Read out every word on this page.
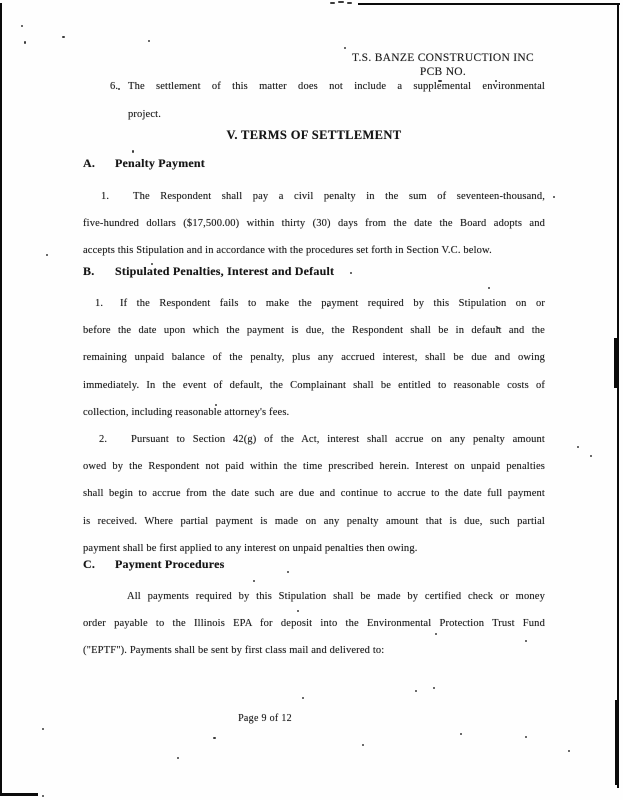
T.S. BANZE CONSTRUCTION INC
PCB NO.
6. The settlement of this matter does not include a supplemental environmental
project.
V. TERMS OF SETTLEMENT
A. Penalty Payment
1. The Respondent shall pay a civil penalty in the sum of seventeen-thousand,
five-hundred dollars ($17,500.00) within thirty (30) days from the date the Board adopts and
accepts this Stipulation and in accordance with the procedures set forth in Section V.C. below.
B. Stipulated Penalties, Interest and Default
1. If the Respondent fails to make the payment required by this Stipulation on or
before the date upon which the payment is due, the Respondent shall be in default and the
remaining unpaid balance of the penalty, plus any accrued interest, shall be due and owing
immediately. In the event of default, the Complainant shall be entitled to reasonable costs of
collection, including reasonable attorney's fees.
2. Pursuant to Section 42(g) of the Act, interest shall accrue on any penalty amount
owed by the Respondent not paid within the time prescribed herein. Interest on unpaid penalties
shall begin to accrue from the date such are due and continue to accrue to the date full payment
is received. Where partial payment is made on any penalty amount that is due, such partial
payment shall be first applied to any interest on unpaid penalties then owing.
C. Payment Procedures
All payments required by this Stipulation shall be made by certified check or money
order payable to the Illinois EPA for deposit into the Environmental Protection Trust Fund
("EPTF"). Payments shall be sent by first class mail and delivered to:
Page 9 of 12
